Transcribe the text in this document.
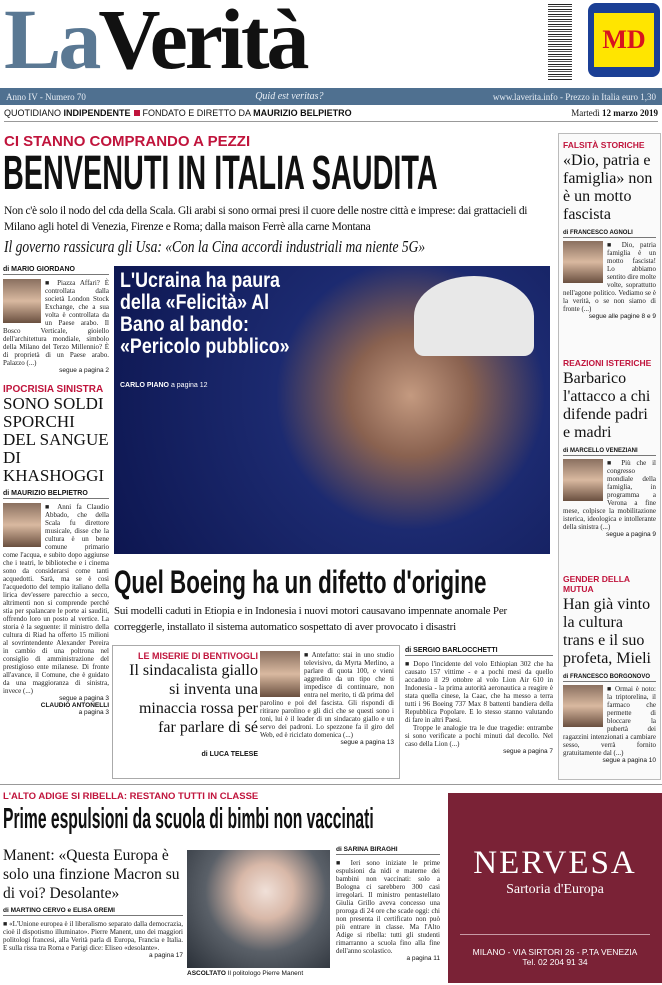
LaVerità	MD
Anno IV - Numero 70	Quid est veritas?	www.laverita.info - Prezzo in Italia euro 1,30
QUOTIDIANO INDIPENDENTE FONDATO E DIRETTO DA MAURIZIO BELPIETRO	Martedì 12 marzo 2019
CI STANNO COMPRANDO A PEZZI
BENVENUTI IN ITALIA SAUDITA
Non c'è solo il nodo del cda della Scala. Gli arabi si sono ormai presi il cuore delle nostre città e imprese: dai grattacieli di Milano agli hotel di Venezia, Firenze e Roma; dalla maison Ferrè alla carne Montana
Il governo rassicura gli Usa: «Con la Cina accordi industriali ma niente 5G»
di MARIO GIORDANO
■ Piazza Affari? È controllata dalla società London Stock Exchange, che a sua volta è controllata da un Paese arabo. Il Bosco Verticale, gioiello dell'architettura mondiale, simbolo della Milano del Terzo Millennio? È di proprietà di un Paese arabo. Palazzo (...)
segue a pagina 2
IPOCRISIA SINISTRA
SONO SOLDI SPORCHI DEL SANGUE DI KHASHOGGI
di MAURIZIO BELPIETRO
■ Anni fa Claudio Abbado, che della Scala fu direttore musicale, disse che la cultura è un bene comune primario come l'acqua, e subito dopo aggiunse che i teatri, le biblioteche e i cinema sono da considerarsi come tanti acquedotti. Sarà, ma se è così l'acquedotto del tempio italiano della lirica dev'essere parecchio a secco, altrimenti non si comprende perché stia per spalancare le porte ai sauditi, offrendo loro un posto al vertice. La storia è la seguente: il ministro della cultura di Riad ha offerto 15 milioni al sovrintendente Alexander Pereira in cambio di una poltrona nel consiglio di amministrazione del prestigioso ente milanese. Di fronte all'avance, il Comune, che è guidato da una maggioranza di sinistra, invece (...)
segue a pagina 3
CLAUDIO ANTONELLI
a pagina 3
L'Ucraina ha paura della «Felicità» Al Bano al bando: «Pericolo pubblico»
CARLO PIANO a pagina 12
Quel Boeing ha un difetto d'origine
Sui modelli caduti in Etiopia e in Indonesia i nuovi motori causavano impennate anomale Per correggerle, installato il sistema automatico sospettato di aver provocato i disastri
LE MISERIE DI BENTIVOGLI
Il sindacalista giallo si inventa una minaccia rossa per far parlare di sé
di LUCA TELESE
■ Antefatto: stai in uno studio televisivo, da Myrta Merlino, a parlare di quota 100, e vieni aggredito da un tipo che ti impedisce di continuare, non entra nel merito, ti dà prima del parolino e poi del fascista. Gli rispondi di ritirare parolino e gli dici che se questi sono i toni, lui è il leader di un sindacato giallo e un servo dei padroni. Lo spezzone fa il giro del Web, ed è riciclato domenica (...)
segue a pagina 13
di SERGIO BARLOCCHETTI
■ Dopo l'incidente del volo Ethiopian 302 che ha causato 157 vittime - e a pochi mesi da quello accaduto il 29 ottobre al volo Lion Air 610 in Indonesia - la prima autorità aeronautica a reagire è stata quella cinese, la Caac, che ha messo a terra tutti i 96 Boeing 737 Max 8 battenti bandiera della Repubblica Popolare. E lo stesso stanno valutando di fare in altri Paesi.
Troppe le analogie tra le due tragedie: entrambe si sono verificate a pochi minuti dal decollo. Nel caso della Lion (...)
segue a pagina 7
FALSITÀ STORICHE
«Dio, patria e famiglia» non è un motto fascista
di FRANCESCO AGNOLI
■ Dio, patria famiglia è un motto fascista! Lo abbiamo sentito dire molte volte, soprattutto nell'agone politico. Vediamo se è la verità, o se non siamo di fronte (...)
segue alle pagine 8 e 9
REAZIONI ISTERICHE
Barbarico l'attacco a chi difende padri e madri
di MARCELLO VENEZIANI
■ Più che il congresso mondiale della famiglia, in programma a Verona a fine mese, colpisce la mobilitazione isterica, ideologica e intollerante della sinistra (...)
segue a pagina 9
GENDER DELLA MUTUA
Han già vinto la cultura trans e il suo profeta, Mieli
di FRANCESCO BORGONOVO
■ Ormai è noto: la triptorelina, il farmaco che permette di bloccare la pubertà dei ragazzini intenzionati a cambiare sesso, verrà fornito gratuitamente dal (...)
segue a pagina 10
L'ALTO ADIGE SI RIBELLA: RESTANO TUTTI IN CLASSE
Prime espulsioni da scuola di bimbi non vaccinati
Manent: «Questa Europa è solo una finzione Macron su di voi? Desolante»
di MARTINO CERVO e ELISA GREMI
■ «L'Unione europea è il liberalismo separato dalla democrazia, cioè il dispotismo illuminato». Pierre Manent, uno dei maggiori politologi francesi, alla Verità parla di Europa, Francia e Italia. E sulla rissa tra Roma e Parigi dice: Eliseo «desolante».
a pagina 17
ASCOLTATO Il politologo Pierre Manent
di SARINA BIRAGHI
■ Ieri sono iniziate le prime espulsioni da nidi e materne dei bambini non vaccinati: solo a Bologna ci sarebbero 300 casi irregolari. Il ministro pentastellato Giulia Grillo aveva concesso una proroga di 24 ore che scade oggi: chi non presenta il certificato non può più entrare in classe. Ma l'Alto Adige si ribella: tutti gli studenti rimarranno a scuola fino alla fine dell'anno scolastico.
a pagina 11
NERVESA
Sartoria d'Europa
MILANO - VIA SIRTORI 26 - P.TA VENEZIA
Tel. 02 204 91 34
